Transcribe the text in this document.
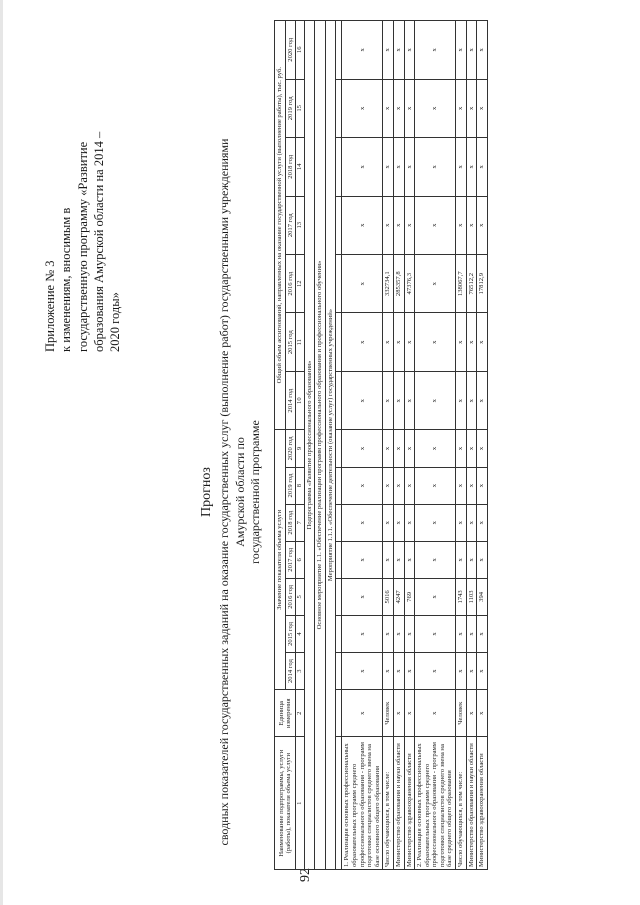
92
Приложение № 3 к изменениям, вносимым в государственную программу «Развитие образования Амурской области на 2014 – 2020 годы»
Прогноз сводных показателей государственных заданий на оказание государственных услуг (выполнение работ) государственными учреждениями Амурской области по государственной программе
Наименование подпрограммы, услуги (работы), показателя объема услуги	Единица измерения	Значение показателя объема услуги							Общий объем ассигнований, направленных на оказание государственной услуги (выполнение работы), тыс. руб.						
		2014 год	2015 год	2016 год	2017 год	2018 год	2019 год	2020 год	2014 год	2015 год	2016 год	2017 год	2018 год	2019 год	2020 год
1	2	3	4	5	6	7	8	9	10	11	12	13	14	15	16
Подпрограмма «Развитие профессионального образования»															
Основное мероприятие 1.1. «Обеспечение реализации программ профессионального образования и профессионального обучения»															
Мероприятие 1.1.1. «Обеспечение деятельности (оказание услуг) государственных учреждений»															

1. Реализация основных профессиональных образовательных программ среднего профессионального образования - программ подготовки специалистов среднего звена на базе основного общего образования	х	х	х	х	х	х	х	х	х	х	х	х	х	х	х
Число обучающихся, в том числе:	Человек	х	х	5016	х	х	х	х	х	х	332734,1	х	х	х	х
Министерство образования и науки области	х	х	х	4247	х	х	х	х	х	х	285357,8	х	х	х	х
Министерство здравоохранения области	х	х	х	769	х	х	х	х	х	х	47376,3	х	х	х	х
2. Реализация основных профессиональных образовательных программ среднего профессионального образования - программ подготовки специалистов среднего звена на базе среднего общего образования	х	х	х	х	х	х	х	х	х	х	х	х	х	х	х
Число обучающихся, в том числе:	Человек	х	х	1743	х	х	х	х	х	х	138067,7	х	х	х	х
Министерство образования и науки области	х	х	х	1103	х	х	х	х	х	х	76512,2	х	х	х	х
Министерство здравоохранения области	х	х	х	394	х	х	х	х	х	х	17812,9	х	х	х	х
